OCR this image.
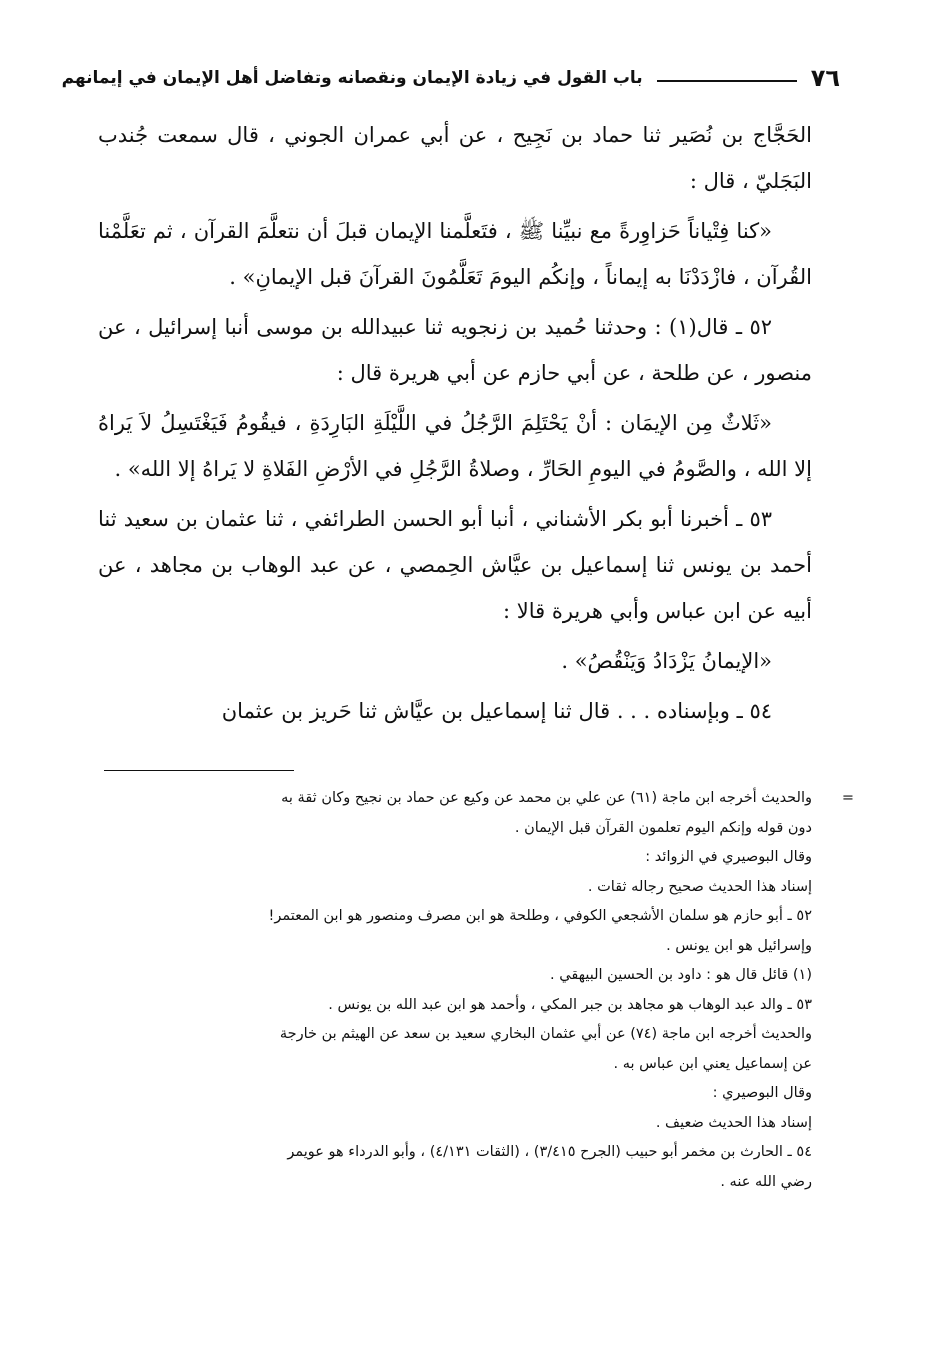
٧٦
باب القول في زيادة الإيمان ونقصانه وتفاضل أهل الإيمان في إيمانهم

الحَجَّاج بن نُصَير ثنا حماد بن نَجِيح ، عن أبي عمران الجوني ، قال سمعت جُندب البَجَليّ ، قال :

«كنا فِتْياناً حَزاوِرةً مع نبيِّنا ﷺ ، فتَعلَّمنا الإيمان قبلَ أن نتعلَّمَ القرآن ، ثم تعَلَّمْنا القُرآن ، فازْدَدْنَا به إيماناً ، وإنكُم اليومَ تَعَلَّمُونَ القرآنَ قبل الإيمانِ» .

٥٢ ـ قال(١) : وحدثنا حُميد بن زنجويه ثنا عبيدالله بن موسى أنبا إسرائيل ، عن منصور ، عن طلحة ، عن أبي حازم عن أبي هريرة قال :

«ثَلاثٌ مِن الإيمَان : أنْ يَحْتَلِمَ الرَّجُلُ في اللَّيْلَةِ البَارِدَةِ ، فيقُومُ فَيَغْتَسِلُ لاَ يَراهُ إلا الله ، والصَّومُ في اليومِ الحَارِّ ، وصلاةُ الرَّجُلِ في الأرْضِ الفَلاةِ لا يَراهُ إلا الله» .

٥٣ ـ أخبرنا أبو بكر الأشناني ، أنبا أبو الحسن الطرائفي ، ثنا عثمان بن سعيد ثنا أحمد بن يونس ثنا إسماعيل بن عيَّاش الحِمصي ، عن عبد الوهاب بن مجاهد ، عن أبيه عن ابن عباس وأبي هريرة قالا :

«الإيمانُ يَزْدَادُ وَيَنْقُصُ» .

٥٤ ـ وبإسناده . . . قال ثنا إسماعيل بن عيَّاش ثنا حَريز بن عثمان

=
والحديث أخرجه ابن ماجة (٦١) عن علي بن محمد عن وكيع عن حماد بن نجيح وكان ثقة به

دون قوله وإنكم اليوم تعلمون القرآن قبل الإيمان .

وقال البوصيري في الزوائد :

إسناد هذا الحديث صحيح رجاله ثقات .

٥٢ ـ أبو حازم هو سلمان الأشجعي الكوفي ، وطلحة هو ابن مصرف ومنصور هو ابن المعتمر!

وإسرائيل هو ابن يونس .

(١) قائل قال هو : داود بن الحسين البيهقي .

٥٣ ـ والد عبد الوهاب هو مجاهد بن جبر المكي ، وأحمد هو ابن عبد الله بن يونس .

والحديث أخرجه ابن ماجة (٧٤) عن أبي عثمان البخاري سعيد بن سعد عن الهيثم بن خارجة

عن إسماعيل يعني ابن عباس به .

وقال البوصيري :

إسناد هذا الحديث ضعيف .

٥٤ ـ الحارث بن مخمر أبو حبيب (الجرح ٣/٤١٥) ، (الثقات ٤/١٣١) ، وأبو الدرداء هو عويمر

رضي الله عنه .
